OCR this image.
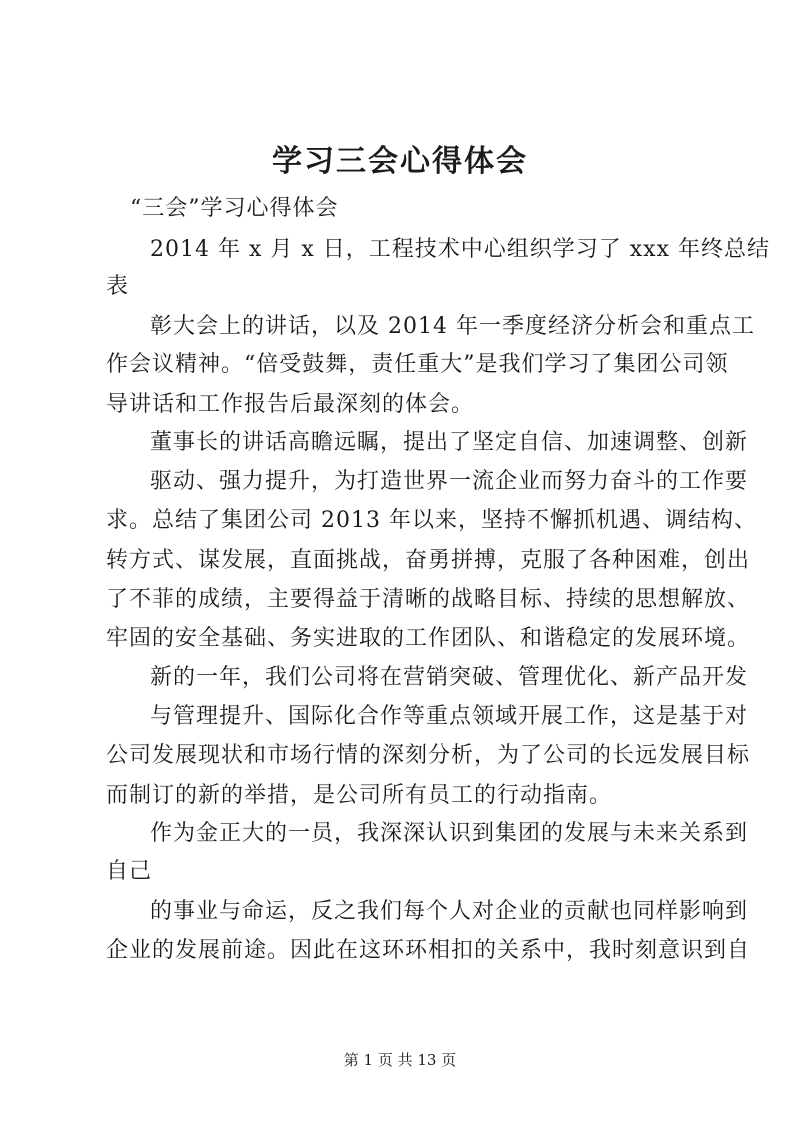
学习三会心得体会
“三会”学习心得体会
2014 年 x 月 x 日，工程技术中心组织学习了 xxx 年终总结
表
彰大会上的讲话，以及 2014 年一季度经济分析会和重点工
作会议精神。“倍受鼓舞，责任重大”是我们学习了集团公司领
导讲话和工作报告后最深刻的体会。
董事长的讲话高瞻远瞩，提出了坚定自信、加速调整、创新
驱动、强力提升，为打造世界一流企业而努力奋斗的工作要
求。总结了集团公司 2013 年以来，坚持不懈抓机遇、调结构、
转方式、谋发展，直面挑战，奋勇拼搏，克服了各种困难，创出
了不菲的成绩，主要得益于清晰的战略目标、持续的思想解放、
牢固的安全基础、务实进取的工作团队、和谐稳定的发展环境。
新的一年，我们公司将在营销突破、管理优化、新产品开发
与管理提升、国际化合作等重点领域开展工作，这是基于对
公司发展现状和市场行情的深刻分析，为了公司的长远发展目标
而制订的新的举措，是公司所有员工的行动指南。
作为金正大的一员，我深深认识到集团的发展与未来关系到
自己
的事业与命运，反之我们每个人对企业的贡献也同样影响到
企业的发展前途。因此在这环环相扣的关系中，我时刻意识到自
第 1 页 共 13 页
